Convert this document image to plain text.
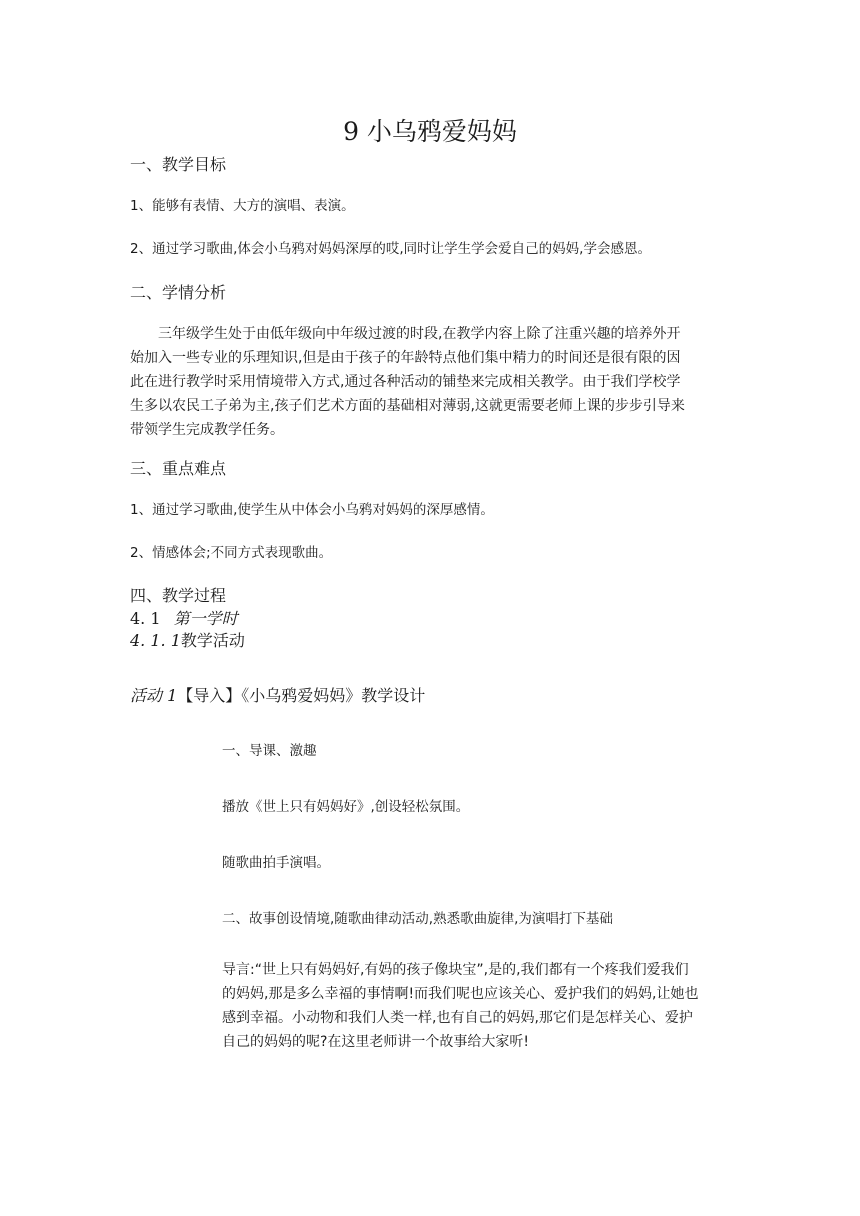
9 小乌鸦爱妈妈
一、教学目标
1、能够有表情、大方的演唱、表演。
2、通过学习歌曲,体会小乌鸦对妈妈深厚的哎,同时让学生学会爱自己的妈妈,学会感恩。
二、学情分析
三年级学生处于由低年级向中年级过渡的时段,在教学内容上除了注重兴趣的培养外开
始加入一些专业的乐理知识,但是由于孩子的年龄特点他们集中精力的时间还是很有限的因
此在进行教学时采用情境带入方式,通过各种活动的铺垫来完成相关教学。由于我们学校学
生多以农民工子弟为主,孩子们艺术方面的基础相对薄弱,这就更需要老师上课的步步引导来
带领学生完成教学任务。
三、重点难点
1、通过学习歌曲,使学生从中体会小乌鸦对妈妈的深厚感情。
2、情感体会;不同方式表现歌曲。
四、教学过程
4. 1 第一学时
4. 1. 1教学活动
活动 1【导入】《小乌鸦爱妈妈》教学设计
一、导课、激趣
播放《世上只有妈妈好》,创设轻松氛围。
随歌曲拍手演唱。
二、故事创设情境,随歌曲律动活动,熟悉歌曲旋律,为演唱打下基础
导言:“世上只有妈妈好,有妈的孩子像块宝”,是的,我们都有一个疼我们爱我们
的妈妈,那是多么幸福的事情啊!而我们呢也应该关心、爱护我们的妈妈,让她也
感到幸福。小动物和我们人类一样,也有自己的妈妈,那它们是怎样关心、爱护
自己的妈妈的呢?在这里老师讲一个故事给大家听!
